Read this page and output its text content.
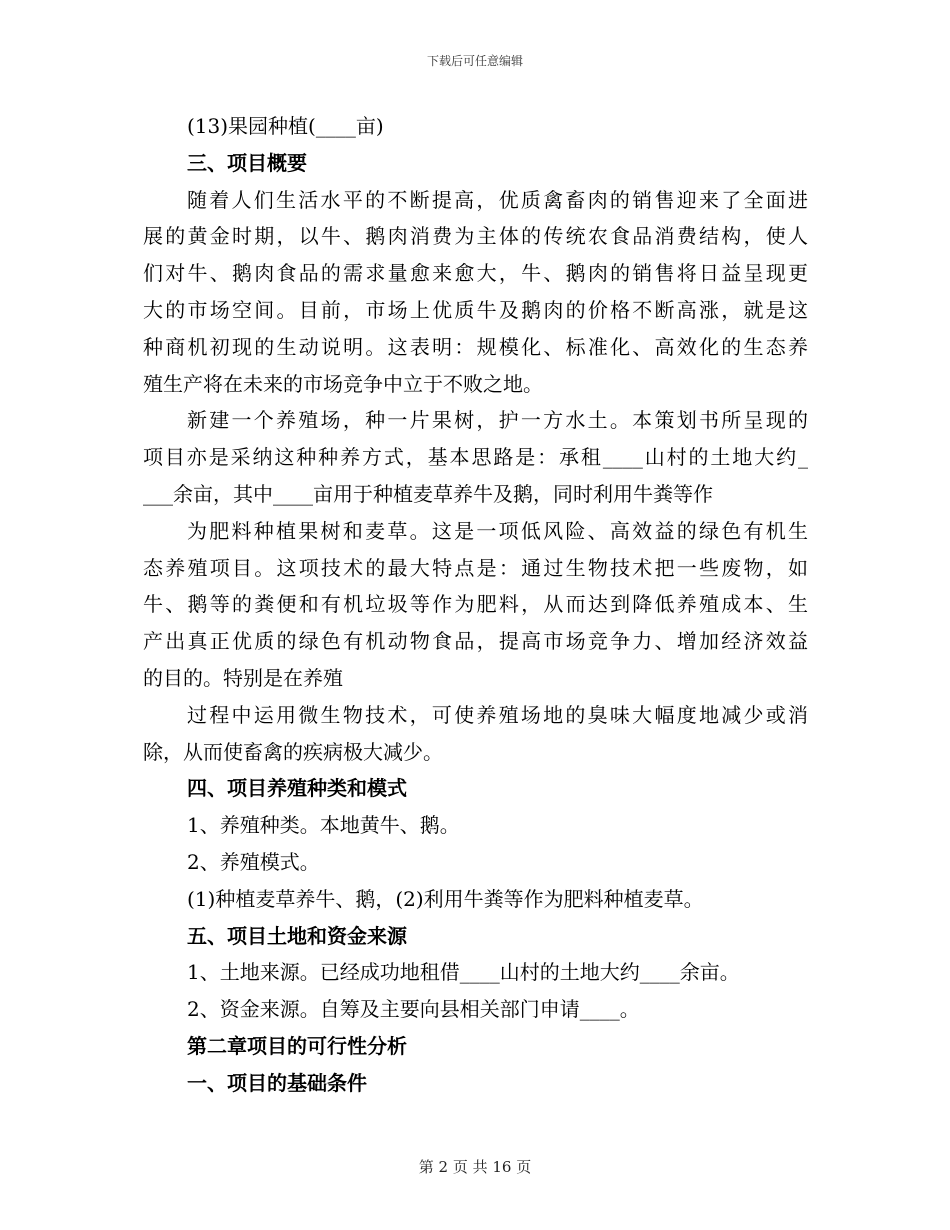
下载后可任意编辑
(13)果园种植(____亩)
三、项目概要
随着人们生活水平的不断提高，优质禽畜肉的销售迎来了全面进
展的黄金时期，以牛、鹅肉消费为主体的传统农食品消费结构，使人
们对牛、鹅肉食品的需求量愈来愈大，牛、鹅肉的销售将日益呈现更
大的市场空间。目前，市场上优质牛及鹅肉的价格不断高涨，就是这
种商机初现的生动说明。这表明：规模化、标准化、高效化的生态养
殖生产将在未来的市场竞争中立于不败之地。
新建一个养殖场，种一片果树，护一方水土。本策划书所呈现的
项目亦是采纳这种种养方式，基本思路是：承租____山村的土地大约_
___余亩，其中____亩用于种植麦草养牛及鹅，同时利用牛粪等作
为肥料种植果树和麦草。这是一项低风险、高效益的绿色有机生
态养殖项目。这项技术的最大特点是：通过生物技术把一些废物，如
牛、鹅等的粪便和有机垃圾等作为肥料，从而达到降低养殖成本、生
产出真正优质的绿色有机动物食品，提高市场竞争力、增加经济效益
的目的。特别是在养殖
过程中运用微生物技术，可使养殖场地的臭味大幅度地减少或消
除，从而使畜禽的疾病极大减少。
四、项目养殖种类和模式
1、养殖种类。本地黄牛、鹅。
2、养殖模式。
(1)种植麦草养牛、鹅，(2)利用牛粪等作为肥料种植麦草。
五、项目土地和资金来源
1、土地来源。已经成功地租借____山村的土地大约____余亩。
2、资金来源。自筹及主要向县相关部门申请____。
第二章项目的可行性分析
一、项目的基础条件
第 2 页 共 16 页
